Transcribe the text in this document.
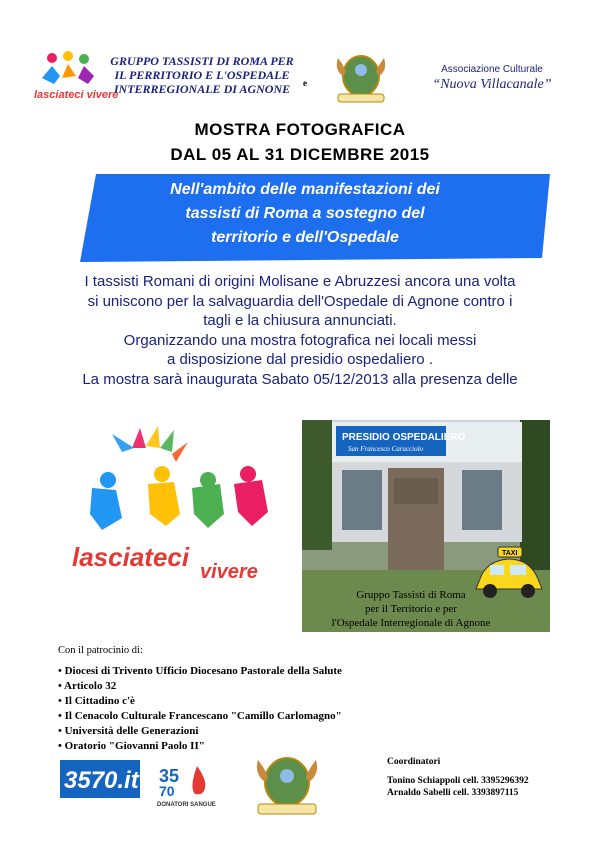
lasciateci vivere
GRUPPO TASSISTI DI ROMA PER
IL PERRITORIO E L'OSPEDALE
INTERREGIONALE DI AGNONE	e
Associazione Culturale
“Nuova Villacanale”
MOSTRA FOTOGRAFICA
DAL 05 AL 31 DICEMBRE 2015
Nell'ambito delle manifestazioni dei
tassisti di Roma a sostegno del
territorio e dell'Ospedale
I tassisti Romani di origini Molisane e Abruzzesi ancora una volta
si uniscono per la salvaguardia dell'Ospedale di Agnone contro i
tagli e la chiusura annunciati.
Organizzando una mostra fotografica nei locali messi
a disposizione dal presidio ospedaliero .
La mostra sarà inaugurata Sabato 05/12/2013 alla presenza delle
lasciateci vivere
PRESIDIO OSPEDALIERO
San Francesco Caracciolo
TAXI
Gruppo Tassisti di Roma
per il Territorio e per
l'Ospedale Interregionale di Agnone
Con il patrocinio di:
• Diocesi di Trivento Ufficio Diocesano Pastorale della Salute
• Articolo 32
• Il Cittadino c'è
• Il Cenacolo Culturale Francescano "Camillo Carlomagno"
• Università delle Generazioni
• Oratorio "Giovanni Paolo II"
3570.it 35
70
DONATORI SANGUE
Coordinatori
Tonino Schiappoli cell. 3395296392
Arnaldo Sabelli cell. 3393897115
